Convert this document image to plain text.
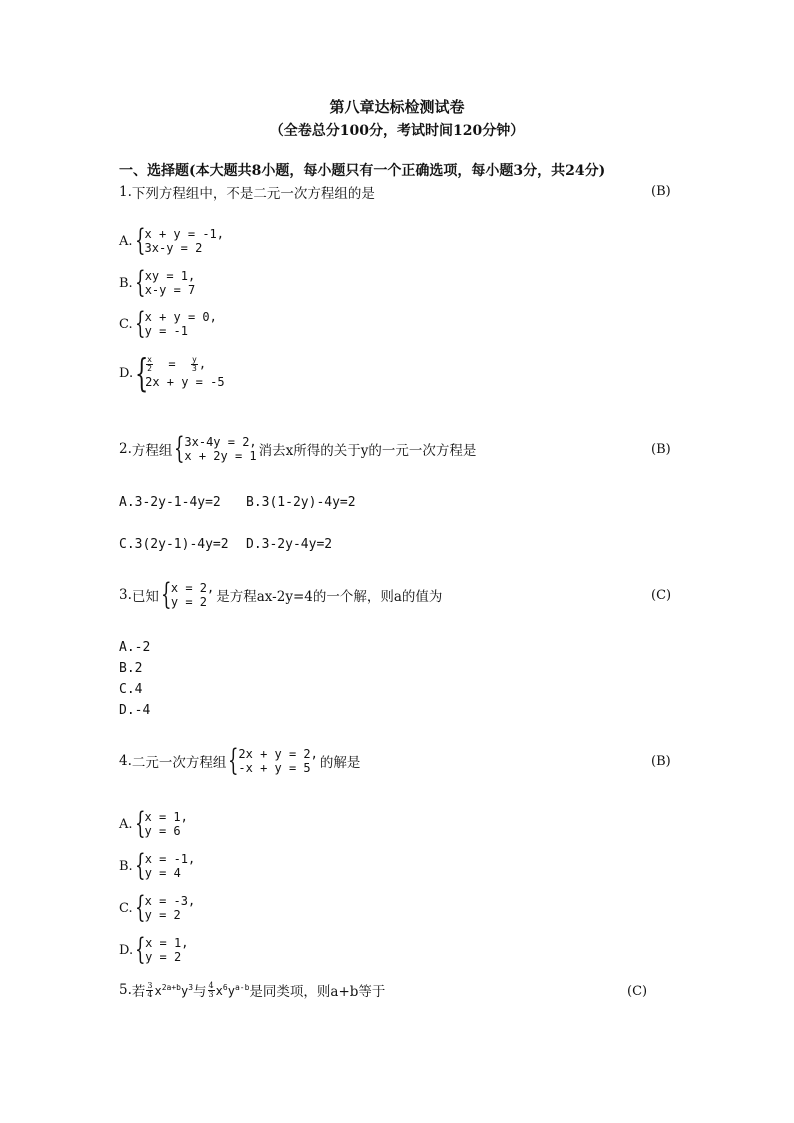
第八章达标检测试卷
（全卷总分100分，考试时间120分钟）
一、选择题(本大题共8小题，每小题只有一个正确选项，每小题3分，共24分)
1. 下列方程组中，不是二元一次方程组的是	(B)
A. { x + y = -1,
3x-y = 2
B. { xy = 1,
x-y = 7
C. { x + y = 0,
y = -1
D. {
$\frac{x}{2} = \frac{y}{3}$ ,
2x + y = -5
2. 方程组 { 3x-4y = 2,
x + 2y = 1 消去x所得的关于y的一元一次方程是	(B)
A.3-2y-1-4y=2	B.3(1-2y)-4y=2
C.3(2y-1)-4y=2	D.3-2y-4y=2
3. 已知 { x = 2,
y = 2 是方程ax-2y=4的一个解，则a的值为	(C)
A.-2
B.2
C.4
D.-4
4. 二元一次方程组 { 2x + y = 2,
-x + y = 5 的解是	(B)
A. { x = 1,
y = 6
B. { x = -1,
y = 4
C. { x = -3,
y = 2
D. { x = 1,
y = 2
5. 若 $\frac{3}{4} x^{2a+b}y^3$ 与 $\frac{4}{3} x^6y^{a-b}$ 是同类项，则a+b等于	(C)
